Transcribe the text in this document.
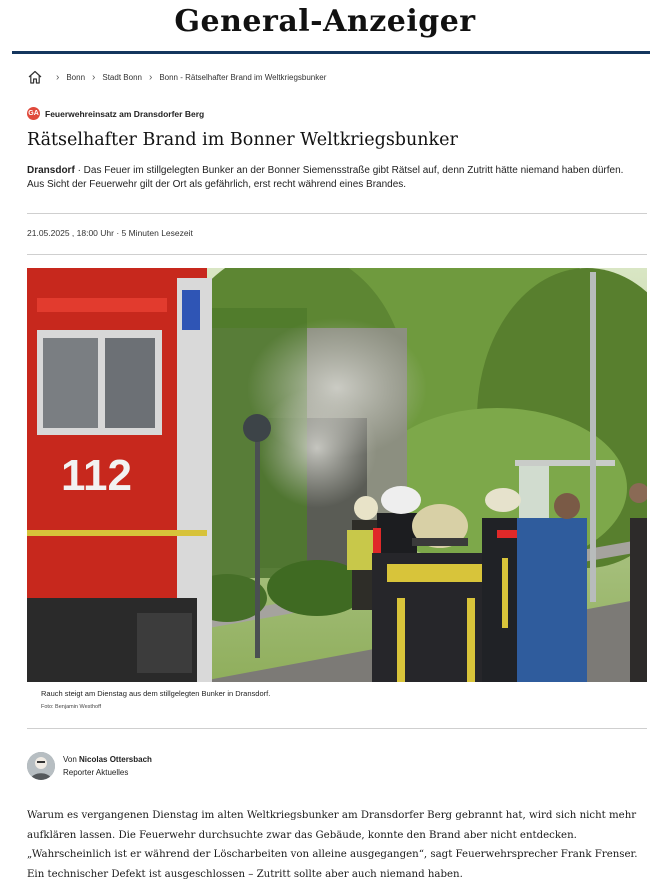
General-Anzeiger
› Bonn › Stadt Bonn › Bonn - Rätselhafter Brand im Weltkriegsbunker
GA Feuerwehreinsatz am Dransdorfer Berg
Rätselhafter Brand im Bonner Weltkriegsbunker

Dransdorf · Das Feuer im stillgelegten Bunker an der Bonner Siemensstraße gibt Rätsel auf, denn Zutritt hätte niemand haben dürfen. Aus Sicht der Feuerwehr gilt der Ort als gefährlich, erst recht während eines Brandes.

21.05.2025 , 18:00 Uhr · 5 Minuten Lesezeit
112
Rauch steigt am Dienstag aus dem stillgelegten Bunker in Dransdorf.
Foto: Benjamin Westhoff
Von Nicolas Ottersbach
Reporter Aktuelles

Warum es vergangenen Dienstag im alten Weltkriegsbunker am Dransdorfer Berg gebrannt hat, wird sich nicht mehr aufklären lassen. Die Feuerwehr durchsuchte zwar das Gebäude, konnte den Brand aber nicht entdecken. „Wahrscheinlich ist er während der Löscharbeiten von alleine ausgegangen“, sagt Feuerwehrsprecher Frank Frenser. Ein technischer Defekt ist ausgeschlossen – Zutritt sollte aber auch niemand haben.
